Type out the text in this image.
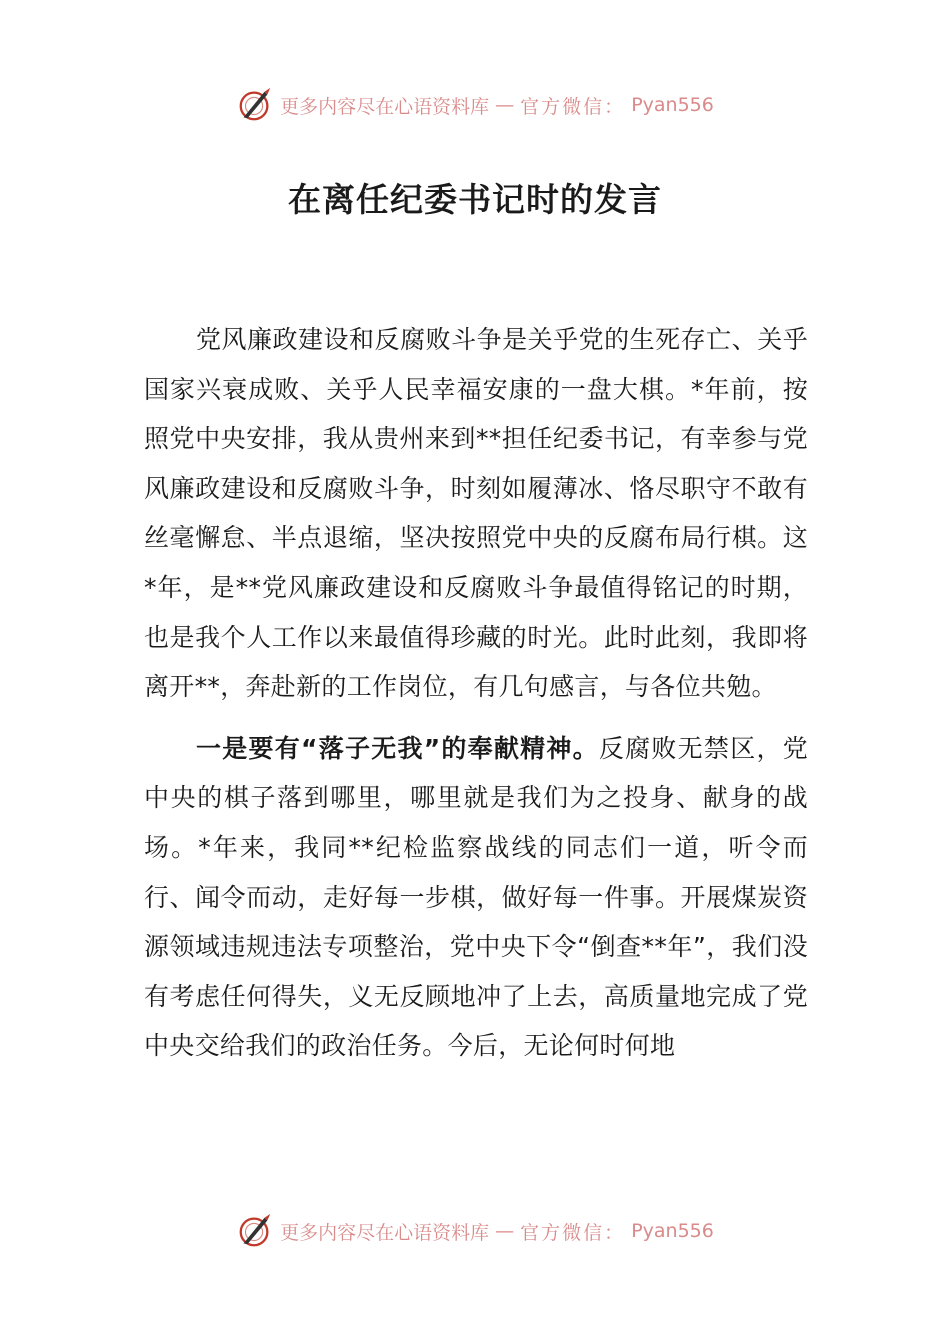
更多内容尽在心语资料库 — 官方微信： Pyan556
在离任纪委书记时的发言

党风廉政建设和反腐败斗争是关乎党的生死存亡、关乎国家兴衰成败、关乎人民幸福安康的一盘大棋。*年前，按照党中央安排，我从贵州来到**担任纪委书记，有幸参与党风廉政建设和反腐败斗争，时刻如履薄冰、恪尽职守不敢有丝毫懈怠、半点退缩，坚决按照党中央的反腐布局行棋。这*年，是**党风廉政建设和反腐败斗争最值得铭记的时期，也是我个人工作以来最值得珍藏的时光。此时此刻，我即将离开**，奔赴新的工作岗位，有几句感言，与各位共勉。

一是要有“落子无我”的奉献精神。反腐败无禁区，党中央的棋子落到哪里，哪里就是我们为之投身、献身的战场。*年来，我同**纪检监察战线的同志们一道，听令而行、闻令而动，走好每一步棋，做好每一件事。开展煤炭资源领域违规违法专项整治，党中央下令“倒查**年”，我们没有考虑任何得失，义无反顾地冲了上去，高质量地完成了党中央交给我们的政治任务。今后，无论何时何地

更多内容尽在心语资料库 — 官方微信： Pyan556
